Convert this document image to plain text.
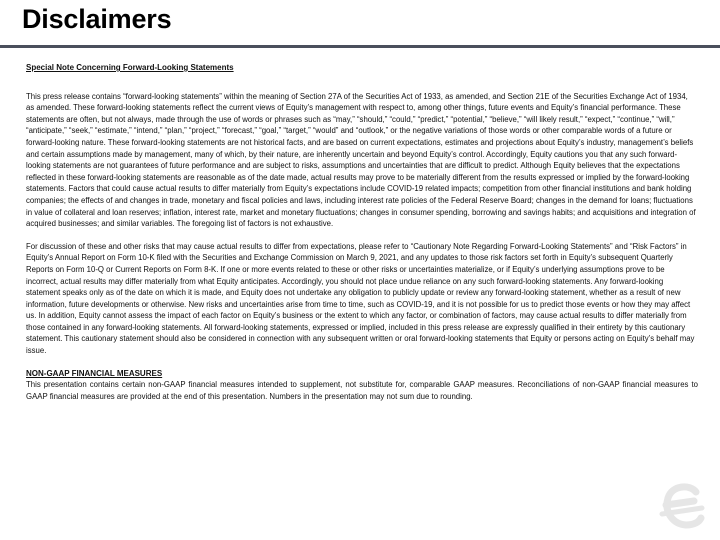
Disclaimers
Special Note Concerning Forward-Looking Statements

This press release contains “forward-looking statements” within the meaning of Section 27A of the Securities Act of 1933, as amended, and Section 21E of the Securities Exchange Act of 1934, as amended. These forward-looking statements reflect the current views of Equity’s management with respect to, among other things, future events and Equity’s financial performance. These statements are often, but not always, made through the use of words or phrases such as “may,” “should,” “could,” “predict,” “potential,” “believe,” “will likely result,” “expect,” “continue,” “will,” “anticipate,” “seek,” “estimate,” “intend,” “plan,” “project,” “forecast,” “goal,” “target,” “would” and “outlook,” or the negative variations of those words or other comparable words of a future or forward-looking nature. These forward-looking statements are not historical facts, and are based on current expectations, estimates and projections about Equity’s industry, management’s beliefs and certain assumptions made by management, many of which, by their nature, are inherently uncertain and beyond Equity’s control. Accordingly, Equity cautions you that any such forward-looking statements are not guarantees of future performance and are subject to risks, assumptions and uncertainties that are difficult to predict. Although Equity believes that the expectations reflected in these forward-looking statements are reasonable as of the date made, actual results may prove to be materially different from the results expressed or implied by the forward-looking statements. Factors that could cause actual results to differ materially from Equity’s expectations include COVID-19 related impacts; competition from other financial institutions and bank holding companies; the effects of and changes in trade, monetary and fiscal policies and laws, including interest rate policies of the Federal Reserve Board; changes in the demand for loans; fluctuations in value of collateral and loan reserves; inflation, interest rate, market and monetary fluctuations; changes in consumer spending, borrowing and savings habits; and acquisitions and integration of acquired businesses; and similar variables. The foregoing list of factors is not exhaustive.

For discussion of these and other risks that may cause actual results to differ from expectations, please refer to “Cautionary Note Regarding Forward-Looking Statements” and “Risk Factors” in Equity’s Annual Report on Form 10-K filed with the Securities and Exchange Commission on March 9, 2021, and any updates to those risk factors set forth in Equity’s subsequent Quarterly Reports on Form 10-Q or Current Reports on Form 8-K. If one or more events related to these or other risks or uncertainties materialize, or if Equity’s underlying assumptions prove to be incorrect, actual results may differ materially from what Equity anticipates. Accordingly, you should not place undue reliance on any such forward-looking statements. Any forward-looking statement speaks only as of the date on which it is made, and Equity does not undertake any obligation to publicly update or review any forward-looking statement, whether as a result of new information, future developments or otherwise. New risks and uncertainties arise from time to time, such as COVID-19, and it is not possible for us to predict those events or how they may affect us. In addition, Equity cannot assess the impact of each factor on Equity’s business or the extent to which any factor, or combination of factors, may cause actual results to differ materially from those contained in any forward-looking statements. All forward-looking statements, expressed or implied, included in this press release are expressly qualified in their entirety by this cautionary statement. This cautionary statement should also be considered in connection with any subsequent written or oral forward-looking statements that Equity or persons acting on Equity’s behalf may issue.

NON-GAAP FINANCIAL MEASURES

This presentation contains certain non-GAAP financial measures intended to supplement, not substitute for, comparable GAAP measures. Reconciliations of non-GAAP financial measures to GAAP financial measures are provided at the end of this presentation. Numbers in the presentation may not sum due to rounding.
